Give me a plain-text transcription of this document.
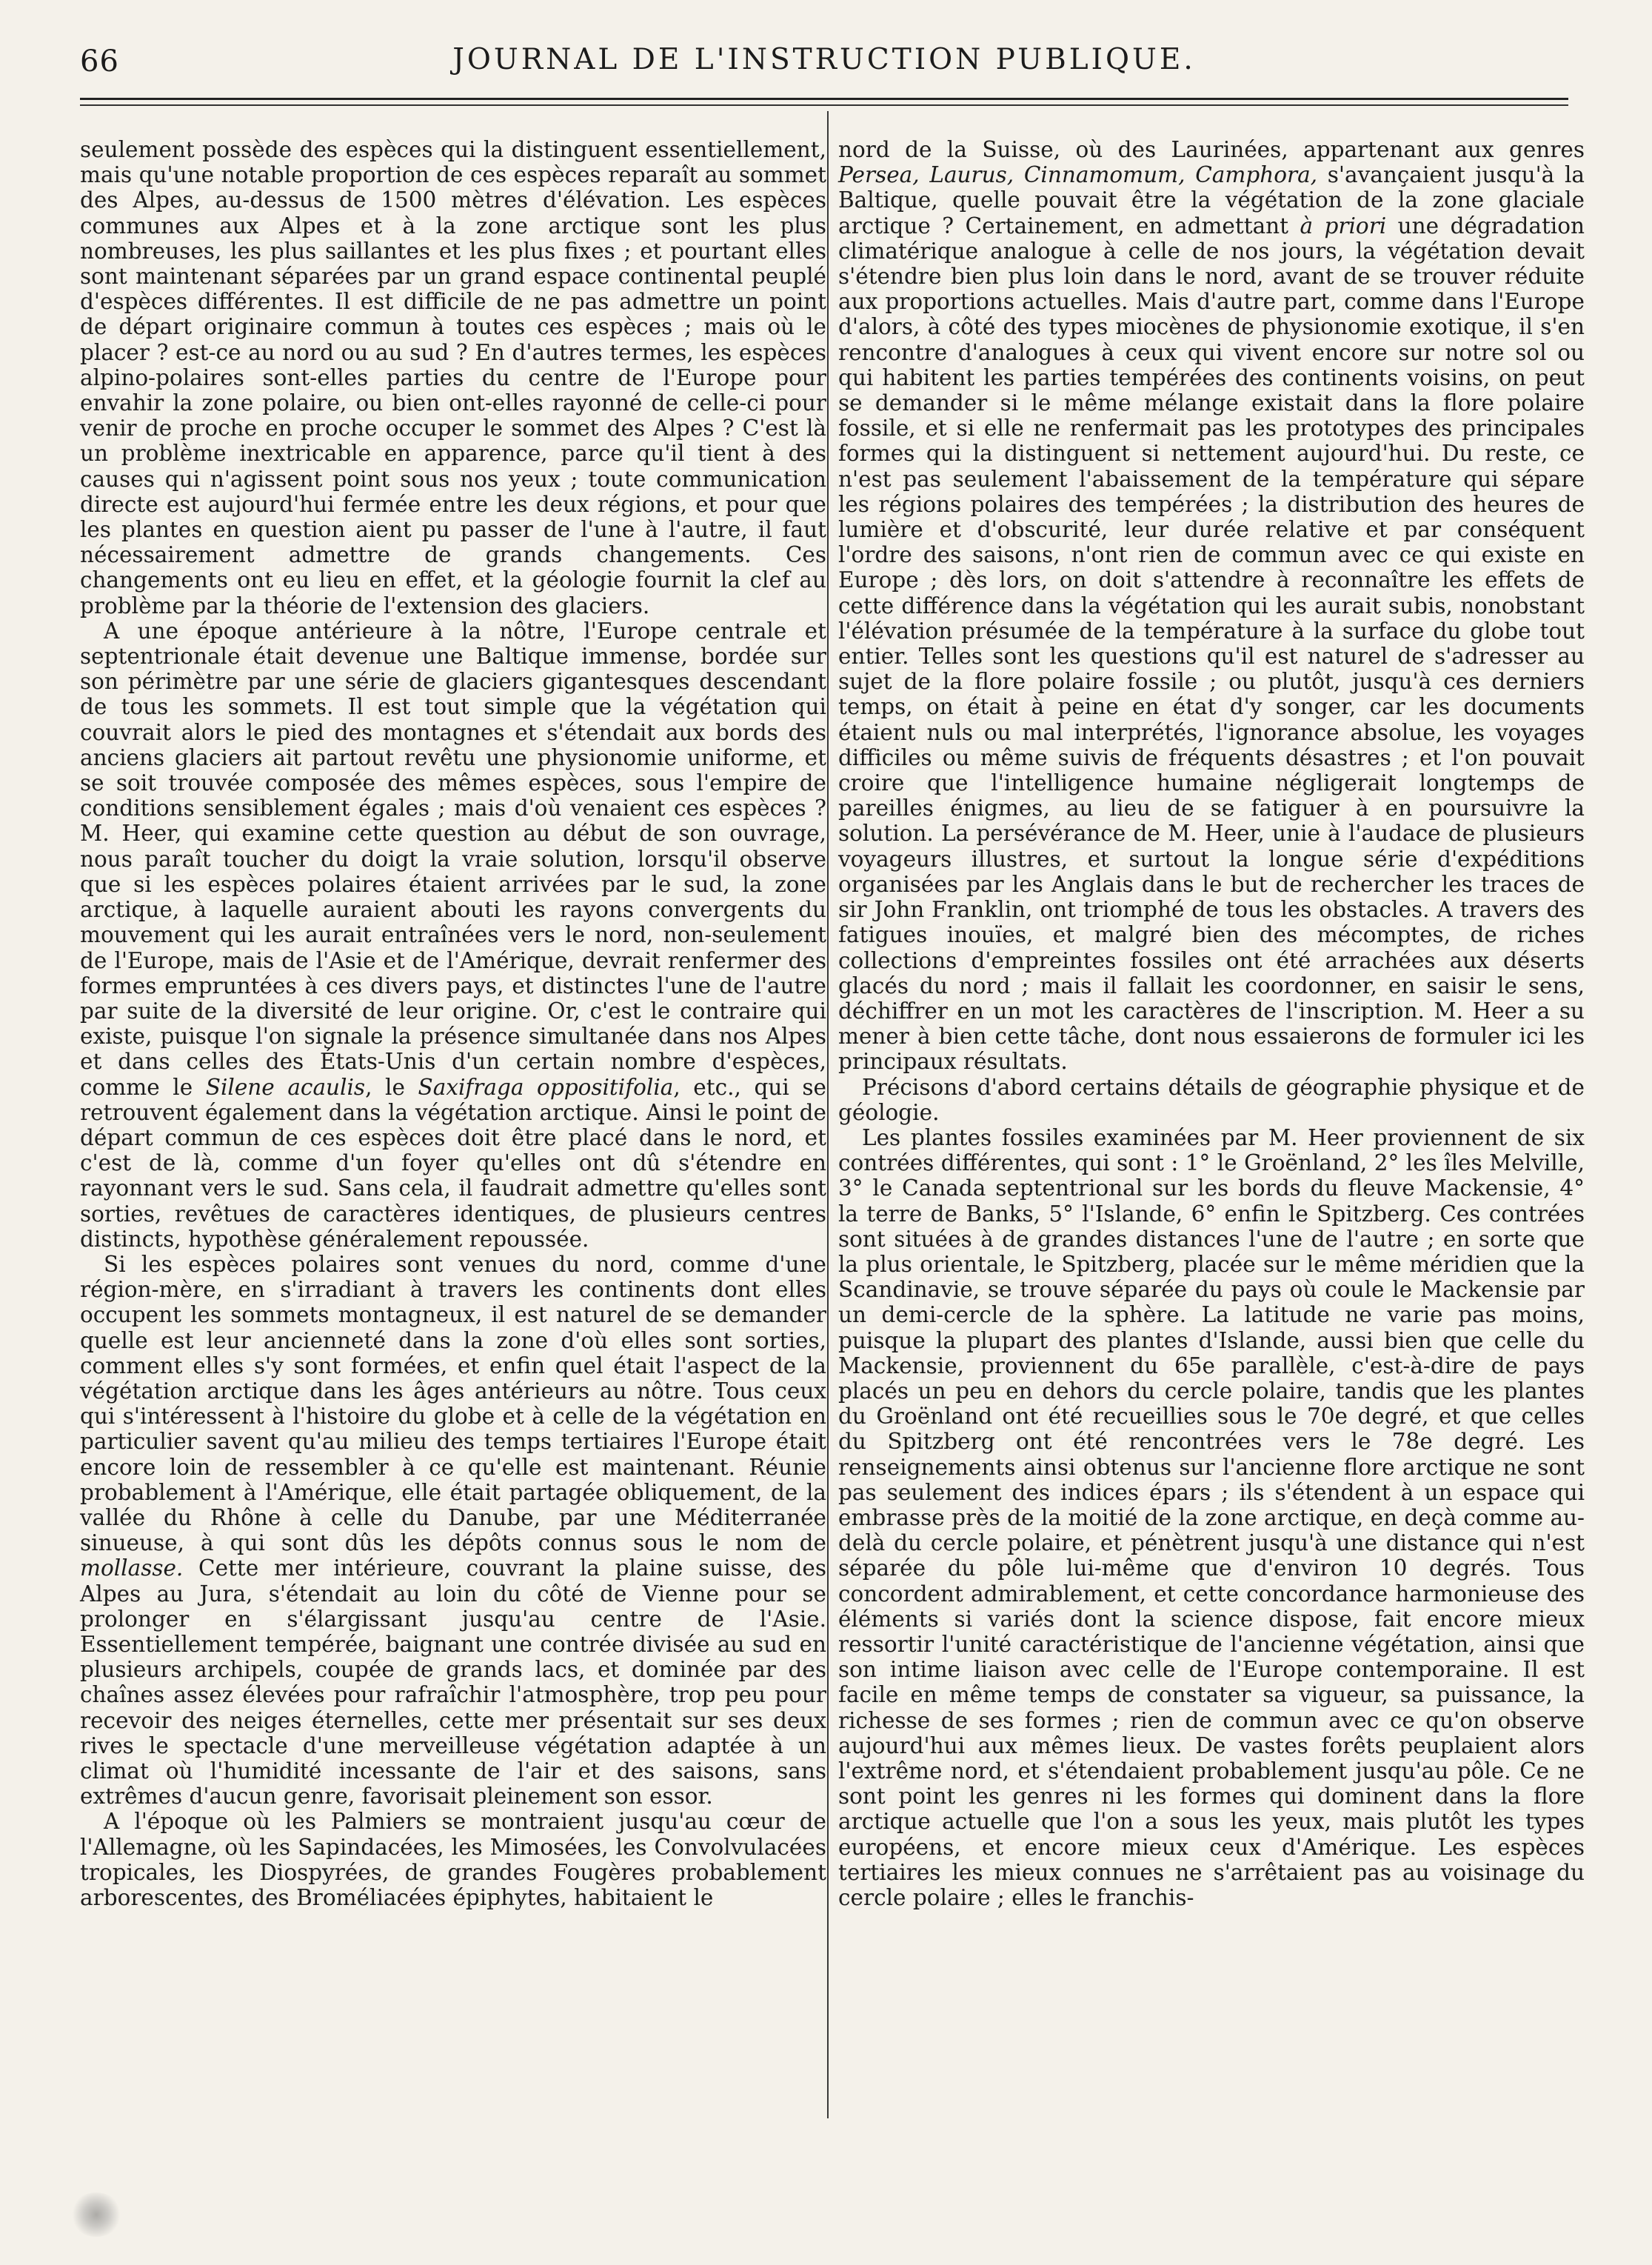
66	JOURNAL DE L'INSTRUCTION PUBLIQUE.

seulement possède des espèces qui la distinguent essentiellement, mais qu'une notable proportion de ces espèces reparaît au sommet des Alpes, au-dessus de 1500 mètres d'élévation. Les espèces communes aux Alpes et à la zone arctique sont les plus nombreuses, les plus saillantes et les plus fixes ; et pourtant elles sont maintenant séparées par un grand espace continental peuplé d'espèces différentes. Il est difficile de ne pas admettre un point de départ originaire commun à toutes ces espèces ; mais où le placer ? est-ce au nord ou au sud ? En d'autres termes, les espèces alpino-polaires sont-elles parties du centre de l'Europe pour envahir la zone polaire, ou bien ont-elles rayonné de celle-ci pour venir de proche en proche occuper le sommet des Alpes ? C'est là un problème inextricable en apparence, parce qu'il tient à des causes qui n'agissent point sous nos yeux ; toute communication directe est aujourd'hui fermée entre les deux régions, et pour que les plantes en question aient pu passer de l'une à l'autre, il faut nécessairement admettre de grands changements. Ces changements ont eu lieu en effet, et la géologie fournit la clef au problème par la théorie de l'extension des glaciers.

A une époque antérieure à la nôtre, l'Europe centrale et septentrionale était devenue une Baltique immense, bordée sur son périmètre par une série de glaciers gigantesques descendant de tous les sommets. Il est tout simple que la végétation qui couvrait alors le pied des montagnes et s'étendait aux bords des anciens glaciers ait partout revêtu une physionomie uniforme, et se soit trouvée composée des mêmes espèces, sous l'empire de conditions sensiblement égales ; mais d'où venaient ces espèces ? M. Heer, qui examine cette question au début de son ouvrage, nous paraît toucher du doigt la vraie solution, lorsqu'il observe que si les espèces polaires étaient arrivées par le sud, la zone arctique, à laquelle auraient abouti les rayons convergents du mouvement qui les aurait entraînées vers le nord, non-seulement de l'Europe, mais de l'Asie et de l'Amérique, devrait renfermer des formes empruntées à ces divers pays, et distinctes l'une de l'autre par suite de la diversité de leur origine. Or, c'est le contraire qui existe, puisque l'on signale la présence simultanée dans nos Alpes et dans celles des États-Unis d'un certain nombre d'espèces, comme le Silene acaulis, le Saxifraga oppositifolia, etc., qui se retrouvent également dans la végétation arctique. Ainsi le point de départ commun de ces espèces doit être placé dans le nord, et c'est de là, comme d'un foyer qu'elles ont dû s'étendre en rayonnant vers le sud. Sans cela, il faudrait admettre qu'elles sont sorties, revêtues de caractères identiques, de plusieurs centres distincts, hypothèse généralement repoussée.

Si les espèces polaires sont venues du nord, comme d'une région-mère, en s'irradiant à travers les continents dont elles occupent les sommets montagneux, il est naturel de se demander quelle est leur ancienneté dans la zone d'où elles sont sorties, comment elles s'y sont formées, et enfin quel était l'aspect de la végétation arctique dans les âges antérieurs au nôtre. Tous ceux qui s'intéressent à l'histoire du globe et à celle de la végétation en particulier savent qu'au milieu des temps tertiaires l'Europe était encore loin de ressembler à ce qu'elle est maintenant. Réunie probablement à l'Amérique, elle était partagée obliquement, de la vallée du Rhône à celle du Danube, par une Méditerranée sinueuse, à qui sont dûs les dépôts connus sous le nom de mollasse. Cette mer intérieure, couvrant la plaine suisse, des Alpes au Jura, s'étendait au loin du côté de Vienne pour se prolonger en s'élargissant jusqu'au centre de l'Asie. Essentiellement tempérée, baignant une contrée divisée au sud en plusieurs archipels, coupée de grands lacs, et dominée par des chaînes assez élevées pour rafraîchir l'atmosphère, trop peu pour recevoir des neiges éternelles, cette mer présentait sur ses deux rives le spectacle d'une merveilleuse végétation adaptée à un climat où l'humidité incessante de l'air et des saisons, sans extrêmes d'aucun genre, favorisait pleinement son essor.

A l'époque où les Palmiers se montraient jusqu'au cœur de l'Allemagne, où les Sapindacées, les Mimosées, les Convolvulacées tropicales, les Diospyrées, de grandes Fougères probablement arborescentes, des Broméliacées épiphytes, habitaient le

nord de la Suisse, où des Laurinées, appartenant aux genres Persea, Laurus, Cinnamomum, Camphora, s'avançaient jusqu'à la Baltique, quelle pouvait être la végétation de la zone glaciale arctique ? Certainement, en admettant à priori une dégradation climatérique analogue à celle de nos jours, la végétation devait s'étendre bien plus loin dans le nord, avant de se trouver réduite aux proportions actuelles. Mais d'autre part, comme dans l'Europe d'alors, à côté des types miocènes de physionomie exotique, il s'en rencontre d'analogues à ceux qui vivent encore sur notre sol ou qui habitent les parties tempérées des continents voisins, on peut se demander si le même mélange existait dans la flore polaire fossile, et si elle ne renfermait pas les prototypes des principales formes qui la distinguent si nettement aujourd'hui. Du reste, ce n'est pas seulement l'abaissement de la température qui sépare les régions polaires des tempérées ; la distribution des heures de lumière et d'obscurité, leur durée relative et par conséquent l'ordre des saisons, n'ont rien de commun avec ce qui existe en Europe ; dès lors, on doit s'attendre à reconnaître les effets de cette différence dans la végétation qui les aurait subis, nonobstant l'élévation présumée de la température à la surface du globe tout entier. Telles sont les questions qu'il est naturel de s'adresser au sujet de la flore polaire fossile ; ou plutôt, jusqu'à ces derniers temps, on était à peine en état d'y songer, car les documents étaient nuls ou mal interprétés, l'ignorance absolue, les voyages difficiles ou même suivis de fréquents désastres ; et l'on pouvait croire que l'intelligence humaine négligerait longtemps de pareilles énigmes, au lieu de se fatiguer à en poursuivre la solution. La persévérance de M. Heer, unie à l'audace de plusieurs voyageurs illustres, et surtout la longue série d'expéditions organisées par les Anglais dans le but de rechercher les traces de sir John Franklin, ont triomphé de tous les obstacles. A travers des fatigues inouïes, et malgré bien des mécomptes, de riches collections d'empreintes fossiles ont été arrachées aux déserts glacés du nord ; mais il fallait les coordonner, en saisir le sens, déchiffrer en un mot les caractères de l'inscription. M. Heer a su mener à bien cette tâche, dont nous essaierons de formuler ici les principaux résultats.

Précisons d'abord certains détails de géographie physique et de géologie.

Les plantes fossiles examinées par M. Heer proviennent de six contrées différentes, qui sont : 1° le Groënland, 2° les îles Melville, 3° le Canada septentrional sur les bords du fleuve Mackensie, 4° la terre de Banks, 5° l'Islande, 6° enfin le Spitzberg. Ces contrées sont situées à de grandes distances l'une de l'autre ; en sorte que la plus orientale, le Spitzberg, placée sur le même méridien que la Scandinavie, se trouve séparée du pays où coule le Mackensie par un demi-cercle de la sphère. La latitude ne varie pas moins, puisque la plupart des plantes d'Islande, aussi bien que celle du Mackensie, proviennent du 65e parallèle, c'est-à-dire de pays placés un peu en dehors du cercle polaire, tandis que les plantes du Groënland ont été recueillies sous le 70e degré, et que celles du Spitzberg ont été rencontrées vers le 78e degré. Les renseignements ainsi obtenus sur l'ancienne flore arctique ne sont pas seulement des indices épars ; ils s'étendent à un espace qui embrasse près de la moitié de la zone arctique, en deçà comme au-delà du cercle polaire, et pénètrent jusqu'à une distance qui n'est séparée du pôle lui-même que d'environ 10 degrés. Tous concordent admirablement, et cette concordance harmonieuse des éléments si variés dont la science dispose, fait encore mieux ressortir l'unité caractéristique de l'ancienne végétation, ainsi que son intime liaison avec celle de l'Europe contemporaine. Il est facile en même temps de constater sa vigueur, sa puissance, la richesse de ses formes ; rien de commun avec ce qu'on observe aujourd'hui aux mêmes lieux. De vastes forêts peuplaient alors l'extrême nord, et s'étendaient probablement jusqu'au pôle. Ce ne sont point les genres ni les formes qui dominent dans la flore arctique actuelle que l'on a sous les yeux, mais plutôt les types européens, et encore mieux ceux d'Amérique. Les espèces tertiaires les mieux connues ne s'arrêtaient pas au voisinage du cercle polaire ; elles le franchis-
